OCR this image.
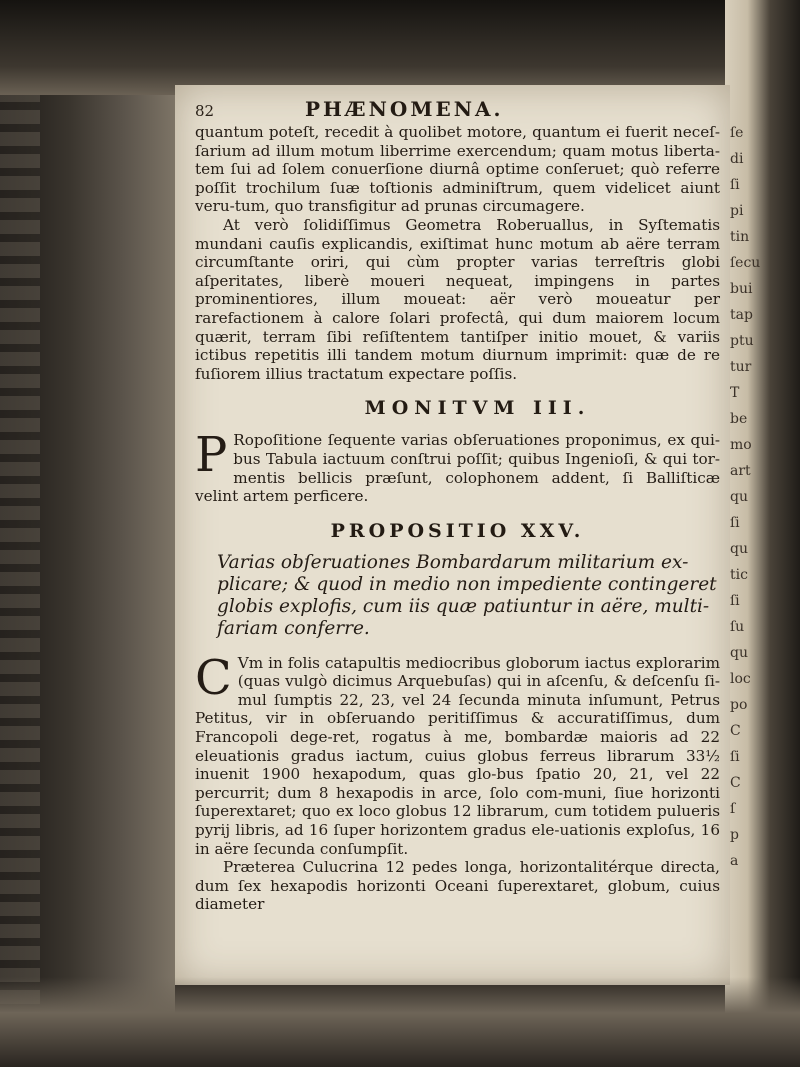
ſe
di
ſi
pi
tin
ſecu
bui
tap
ptu
tur
T
be
mo
art
qu
ſi
qu
tic
ſi
ſu
qu
loc
po
C
ſi
C
ſ
p
a
82	PHÆNOMENA.

quantum poteſt, recedit à quolibet motore, quantum ei fuerit neceſ-ſarium ad illum motum liberrime exercendum; quam motus liberta-tem ſui ad ſolem conuerſione diurnâ optime conſeruet; quò referre poſſit trochilum ſuæ toſtionis adminiſtrum, quem videlicet aiunt veru-tum, quo transfigitur ad prunas circumagere.

At verò ſolidiſſimus Geometra Roberuallus, in Syſtematis mundani cauſis explicandis, exiſtimat hunc motum ab aëre terram circumſtante oriri, qui cùm propter varias terreſtris globi aſperitates, liberè moueri nequeat, impingens in partes prominentiores, illum moueat: aër verò moueatur per rarefactionem à calore ſolari profectâ, qui dum maiorem locum quærit, terram ſibi reſiſtentem tantiſper initio mouet, & variis ictibus repetitis illi tandem motum diurnum imprimit: quæ de re fuſiorem illius tractatum expectare poſſis.

MONITVM III.
P Ropoſitione ſequente varias obſeruationes proponimus, ex qui-bus Tabula iactuum conſtrui poſſit; quibus Ingenioſi, & qui tor-mentis bellicis præſunt, colophonem addent, ſi Balliſticæ velint artem perficere.

PROPOSITIO XXV.

Varias obſeruationes Bombardarum militarium ex-plicare; & quod in medio non impediente contingeret globis explofis, cum iis quæ patiuntur in aëre, multi-fariam conferre.

C Vm in folis catapultis mediocribus globorum iactus explorarim (quas vulgò dicimus Arquebuſas) qui in aſcenſu, & deſcenſu ſi-mul ſumptis 22, 23, vel 24 ſecunda minuta inſumunt, Petrus Petitus, vir in obſeruando peritiſſimus & accuratiſſimus, dum Francopoli dege-ret, rogatus à me, bombardæ maioris ad 22 eleuationis gradus iactum, cuius globus ferreus librarum 33½ inuenit 1900 hexapodum, quas glo-bus ſpatio 20, 21, vel 22 percurrit; dum 8 hexapodis in arce, ſolo com-muni, ſiue horizonti ſuperextaret; quo ex loco globus 12 librarum, cum totidem pulueris pyrij libris, ad 16 ſuper horizontem gradus ele-uationis exploſus, 16 in aëre ſecunda conſumpſit.

Præterea Culucrina 12 pedes longa, horizontalitérque directa, dum ſex hexapodis horizonti Oceani ſuperextaret, globum, cuius diameter
